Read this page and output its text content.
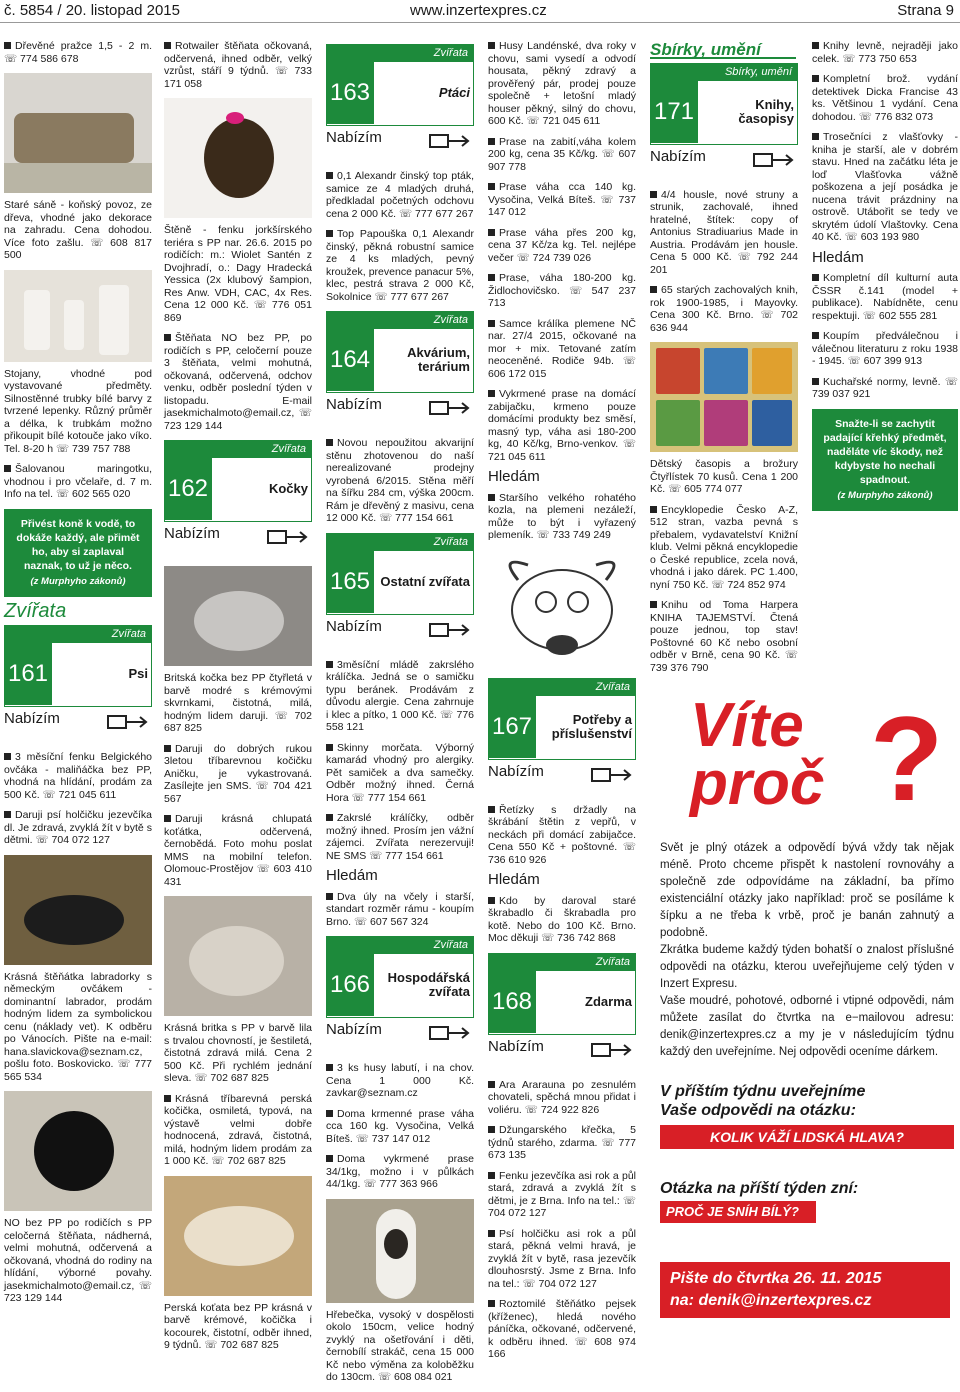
č. 5854 / 20. listopad 2015	www.inzertexpres.cz	Strana 9

Dřevěné pražce 1,5 - 2 m. ☏ 774 586 678

Staré sáně - koňský povoz, ze dřeva, vhodné jako dekorace na zahradu. Cena dohodou. Více foto zašlu. ☏ 608 817 500

Stojany, vhodné pod vystavované předměty. Silnostěnné trubky bílé barvy z tvrzené lepenky. Různý průměr a délka, k trubkám možno přikoupit bílé kotouče jako víko. Tel. 8-20 h ☏ 739 757 788

Šalovanou maringotku, vhodnou i pro včelaře, d. 7 m. Info na tel. ☏ 602 565 020

Přivést koně k vodě, to dokáže každý, ale přimět ho, aby si zaplaval naznak, to už je něco.
(z Murphyho zákonů)
Zvířata
Zvířata
161	Psi
Nabízím

3 měsíční fenku Belgického ovčáka - maliňáčka bez PP, vhodná na hlídání, prodám za 500 Kč. ☏ 721 045 611

Daruji psí holčičku jezevčíka dl. Je zdravá, zvyklá žít v bytě s dětmi. ☏ 704 072 127

Krásná štěňátka labradorky s německým ovčákem - dominantní labrador, prodám hodným lidem za symbolickou cenu (náklady vet). K odběru po Vánocích. Pište na e-mail: hana.slavickova@seznam.cz, pošlu foto. Boskovicko. ☏ 777 565 534

NO bez PP po rodičích s PP celočerná štěňata, nádherná, velmi mohutná, odčervená a očkovaná, vhodná do rodiny na hlídání, výborné povahy. jasekmichalmoto@email.cz, ☏ 723 129 144

Rotwailer štěňata očkovaná, odčervená, ihned odběr, velký vzrůst, stáří 9 týdnů. ☏ 733 171 058

Štěně - fenku jorkšírského teriéra s PP nar. 26.6. 2015 po rodičích: m.: Wiolet Santén z Dvojhradí, o.: Dagy Hradecká Yessica (2x klubový šampion, Res Anw. VDH, CAC, 4x Res. Cena 12 000 Kč. ☏ 776 051 869

Štěňata NO bez PP, po rodičích s PP, celočerní pouze 3 štěňata, velmi mohutná, očkovaná, odčervená, odchov venku, odběr poslední týden v listopadu. E-mail jasekmichalmoto@email.cz, ☏ 723 129 144

Zvířata
162	Kočky
Nabízím

Britská kočka bez PP čtyřletá v barvě modré s krémovými skvrnkami, čistotná, milá, hodným lidem daruji. ☏ 702 687 825

Daruji do dobrých rukou 3letou tříbarevnou kočičku Aničku, je vykastrovaná. Zasílejte jen SMS. ☏ 704 421 567

Daruji krásná chlupatá koťátka, odčervená, černobědá. Foto mohu poslat MMS na mobilní telefon. Olomouc-Prostějov ☏ 603 410 431

Krásná britka s PP v barvě lila s trvalou chovností, je šestiletá, čistotná zdravá milá. Cena 2 500 Kč. Při rychlém jednání sleva. ☏ 702 687 825

Krásná tříbarevná perská kočička, osmiletá, typová, na výstavě velmi dobře hodnocená, zdravá, čistotná, milá, hodným lidem prodám za 1 000 Kč. ☏ 702 687 825

Perská koťata bez PP krásná v barvě krémové, kočička i kocourek, čistotní, odběr ihned, 9 týdnů. ☏ 702 687 825

Zvířata
163	Ptáci
Nabízím

0,1 Alexandr činský top pták, samice ze 4 mladých druhá, předkladal početných odchovu cena 2 000 Kč. ☏ 777 677 267

Top Papouška 0,1 Alexandr činský, pěkná robustní samice ze 4 ks mladých, pevný kroužek, prevence panacur 5%, klec, pestrá strava 2 000 Kč, Sokolnice ☏ 777 677 267

Zvířata
164	Akvárium, terárium
Nabízím

Novou nepoužitou akvarijní stěnu zhotovenou do naší nerealizované prodejny vyrobená 6/2015. Stěna měří na šířku 284 cm, výška 200cm. Rám je dřevěný z masivu, cena 12 000 Kč. ☏ 777 154 661

Zvířata
165 Ostatní zvířata
Nabízím

3měsíční mládě zakrslého králíčka. Jedná se o samičku typu beránek. Prodávám z důvodu alergie. Cena zahrnuje i klec a pítko, 1 000 Kč. ☏ 776 558 121

Skinny morčata. Výborný kamarád vhodný pro alergiky. Pět samiček a dva samečky. Odběr možný ihned. Černá Hora ☏ 777 154 661

Zakrslé králíčky, odběr možný ihned. Prosím jen vážní zájemci. Zvířata nerezervuji! NE SMS ☏ 777 154 661

Hledám

Dva úly na včely i starší, standart rozměr rámu - koupím Brno. ☏ 607 567 324

Zvířata
166	Hospodářská zvířata
Nabízím

3 ks husy labutí, i na chov. Cena 1 000 Kč. zavkar@seznam.cz

Doma krmenné prase váha cca 160 kg. Vysočina, Velká Bíteš. ☏ 737 147 012

Doma vykrmené prase 34/1kg, možno i v půlkách 44/1kg. ☏ 777 363 966

Hřebečka, vysoký v dospělosti okolo 150cm, velice hodný zvyklý na ošetřování i děti, černobílí strakáč, cena 15 000 Kč nebo výměna za koloběžku do 130cm. ☏ 608 084 021

Husy Landénské, dva roky v chovu, sami vysedí a odvodí housata, pěkný zdravý a prověřený pár, prodej pouze společně + letošní mladý houser pěkný, silný do chovu, 600 Kč. ☏ 721 045 611

Prase na zabití,váha kolem 200 kg, cena 35 Kč/kg. ☏ 607 907 778

Prase váha cca 140 kg. Vysočina, Velká Bíteš. ☏ 737 147 012

Prase váha přes 200 kg, cena 37 Kč/za kg. Tel. nejlépe večer ☏ 724 739 026

Prase, váha 180-200 kg. Židlochovičsko. ☏ 547 237 713

Samce králíka plemene NČ nar. 27/4 2015, očkované na mor + mix. Tetované zatím neoceněné. Rodiče 94b. ☏ 606 172 015

Vykrmené prase na domácí zabijačku, krmeno pouze domácími produkty bez směsí, masný typ, váha asi 180-200 kg, 40 Kč/kg, Brno-venkov. ☏ 721 045 611

Hledám

Staršího velkého rohatého kozla, na plemeni nezáleží, může to být i vyřazený plemeník. ☏ 733 749 249

Zvířata
167	Potřeby a příslušenství
Nabízím

Řetízky s držadly na škrábání štětin z vepřů, v neckách při domácí zabijačce. Cena 550 Kč + poštovné. ☏ 736 610 926

Hledám

Kdo by daroval staré škrabadlo či škrabadla pro kotě. Nebo do 100 Kč. Brno. Moc děkuji ☏ 736 742 868

Zvířata
168	Zdarma
Nabízím

Ara Araraunа po zesnulém chovateli, spěchá mnou přidat i voliéru. ☏ 724 922 826

Džungarského křečka, 5 týdnů starého, zdarma. ☏ 777 673 135

Fenku jezevčíka asi rok a půl stará, zdravá a zvyklá žít s dětmi, je z Brna. Info na tel.: ☏ 704 072 127

Psí holčičku asi rok a půl stará, pěkná velmi hravá, je zvyklá žít v bytě, rasa jezevčík dlouhosrstý. Jsme z Brna. Info na tel.: ☏ 704 072 127

Roztomilé štěňátko pejsek (kříženec), hledá nového páníčka, očkované, odčervené, k odběru ihned. ☏ 608 974 166

Sbírky, umění
Sbírky, umění
171	Knihy, časopisy
Nabízím

4/4 housle, nové struny a strunik, zachovalé, ihned hratelné, štítek: copy of Antonius Stradiuarius Made in Austria. Prodávám jen housle. Cena 5 000 Kč. ☏ 792 244 201

65 starých zachovalých knih, rok 1900-1985, i Mayovky. Cena 300 Kč. Brno. ☏ 702 636 944

Dětský časopis a brožury Čtyřlístek 70 kusů. Cena 1 200 Kč. ☏ 605 774 077

Encyklopedie Česko A-Z, 512 stran, vazba pevná s přebalem, vydavatelství Knižní klub. Velmi pěkná encyklopedie o České republice, zcela nová, vhodná i jako dárek. PC 1.400, nyní 750 Kč. ☏ 724 852 974

Knihu od Toma Harpera KNIHA TAJEMSTVÍ. Čtená pouze jednou, top stav! Poštovné 60 Kč nebo osobní odběr v Brně, cena 90 Kč. ☏ 739 376 790

Knihy levně, nejraději jako celek. ☏ 773 750 653

Kompletní brož. vydání detektivek Dicka Francise 43 ks. Většinou 1 vydání. Cena dohodou. ☏ 776 832 073

Trosečníci z vlašťovky - kniha je starší, ale v dobrém stavu. Hned na začátku léta je loď Vlašťovka vážně poškozena a její posádka je nucena trávit prázdniny na ostrově. Utábořit se tedy ve skrytém údolí Vlaštovky. Cena 40 Kč. ☏ 603 193 980

Hledám

Kompletní díl kulturní auta ČSSR č.141 (model + publikace). Nabídněte, cenu respektuji. ☏ 602 555 281

Koupím předválečnou i válečnou literaturu z roku 1938 - 1945. ☏ 607 399 913

Kuchařské normy, levně. ☏ 739 037 921

Snažte-li se zachytit padající křehký předmět, naděláte víc škody, než kdybyste ho nechali spadnout.
(z Murphyho zákonů)
Víte
proč ?
Svět je plný otázek a odpovědí bývá vždy tak nějak méně. Proto chceme přispět k nastolení rovnováhy a společně zde odpovídáme na základní, ba přímo existenciální otázky jako například: proč se posíláme k šípku a ne třeba k vrbě, proč je banán zahnutý a podobně.
Zkrátka budeme každý týden bohatší o znalost příslušné odpovědi na otázku, kterou uveřejňujeme celý týden v Inzert Expresu.
Vaše moudré, pohotové, odborné i vtipné odpovědi, nám můžete zasílat do čtvrtka na e−mailovou adresu: denik@inzertexpres.cz a my je v následujícím týdnu každý den uveřejníme. Nej odpovědi oceníme dárkem.
V příštím týdnu uveřejníme
Vaše odpovědi na otázku:
KOLIK VÁŽÍ LIDSKÁ HLAVA?
Otázka na příští týden zní:
PROČ JE SNÍH BÍLÝ?
Pište do čtvrtka 26. 11. 2015
na: denik@inzertexpres.cz
